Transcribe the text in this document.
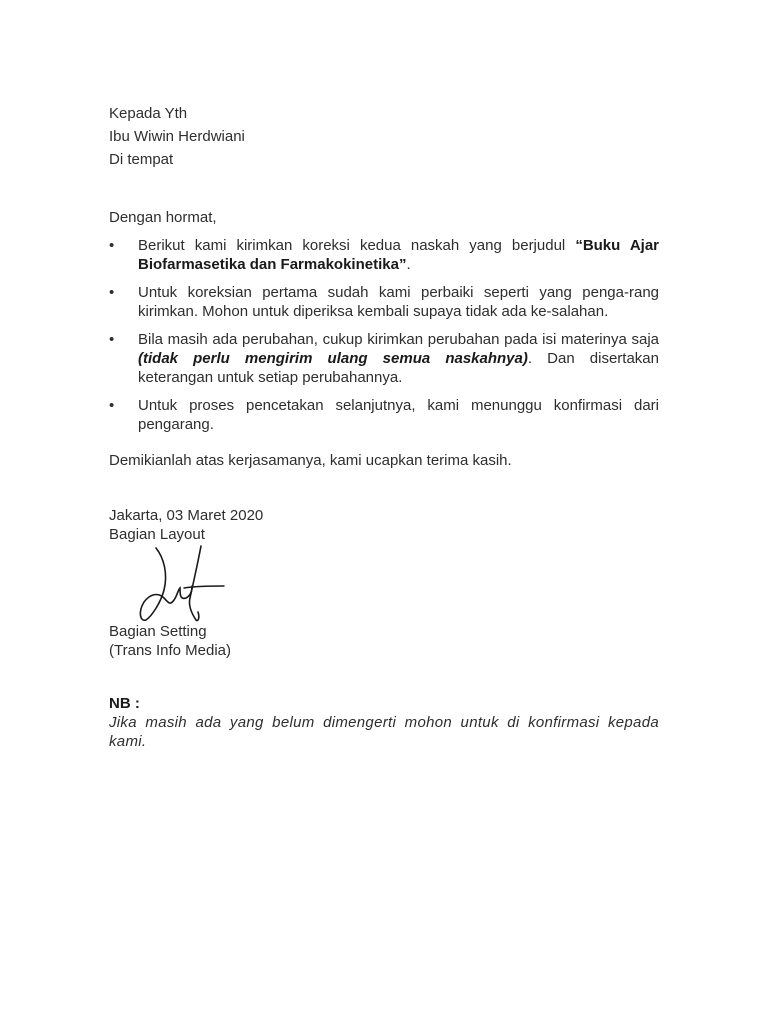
Kepada Yth
Ibu Wiwin Herdwiani
Di tempat
Dengan hormat,
• Berikut kami kirimkan koreksi kedua naskah yang berjudul “Buku Ajar Biofarmasetika dan Farmakokinetika”.
• Untuk koreksian pertama sudah kami perbaiki seperti yang penga-rang kirimkan. Mohon untuk diperiksa kembali supaya tidak ada ke-salahan.
• Bila masih ada perubahan, cukup kirimkan perubahan pada isi materinya saja (tidak perlu mengirim ulang semua naskahnya). Dan disertakan keterangan untuk setiap perubahannya.
• Untuk proses pencetakan selanjutnya, kami menunggu konfirmasi dari pengarang.
Demikianlah atas kerjasamanya, kami ucapkan terima kasih.
Jakarta, 03 Maret 2020
Bagian Layout
Bagian Setting
(Trans Info Media)
NB :
Jika masih ada yang belum dimengerti mohon untuk di konfirmasi kepada kami.
